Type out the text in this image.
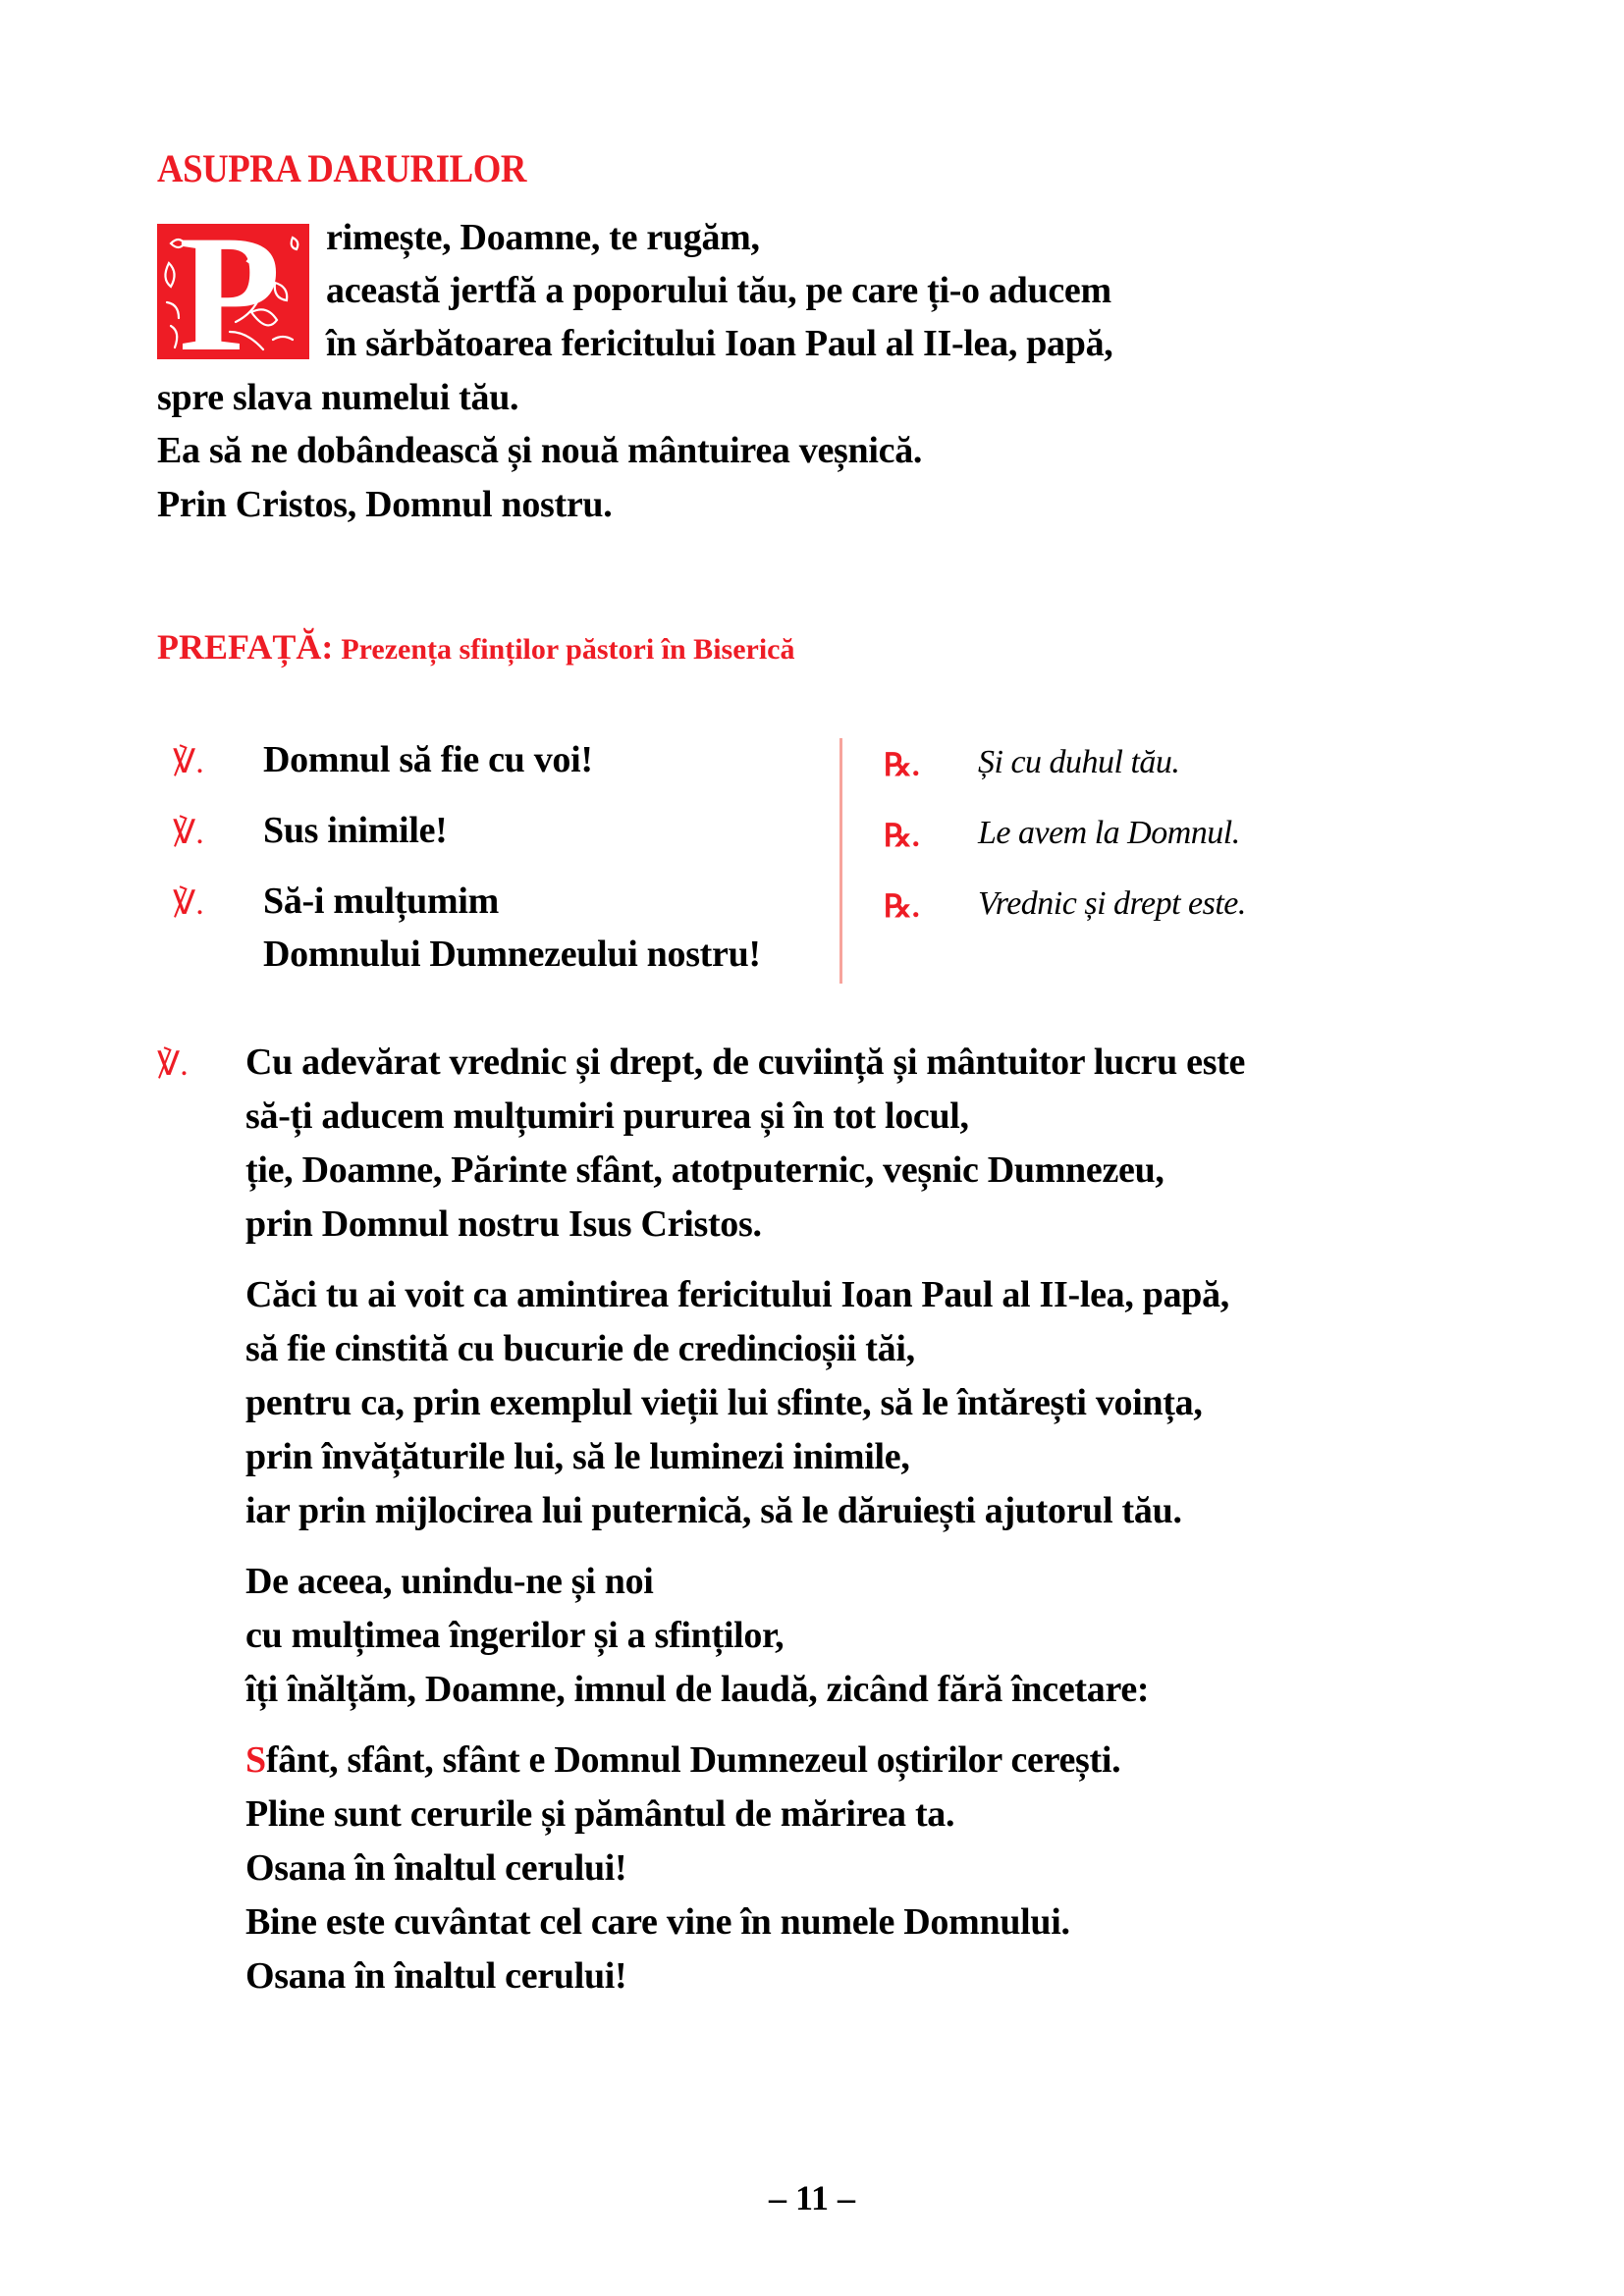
ASUPRA DARURILOR
P rimește, Doamne, te rugăm,
această jertfă a poporului tău, pe care ți-o aducem
în sărbătoarea fericitului Ioan Paul al II-lea, papă,
spre slava numelui tău.
Ea să ne dobândească și nouă mântuirea veșnică.
Prin Cristos, Domnul nostru.
PREFAȚĂ: Prezența sfinților păstori în Biserică
℣. Domnul să fie cu voi!
℣. Sus inimile!
℣. Să-i mulțumim
Domnului Dumnezeului nostru!
℞. Și cu duhul tău.
℞. Le avem la Domnul.
℞. Vrednic și drept este.
℣. Cu adevărat vrednic și drept, de cuviință și mântuitor lucru este
să-ți aducem mulțumiri pururea și în tot locul,
ție, Doamne, Părinte sfânt, atotputernic, veșnic Dumnezeu,
prin Domnul nostru Isus Cristos.
Căci tu ai voit ca amintirea fericitului Ioan Paul al II-lea, papă,
să fie cinstită cu bucurie de credincioșii tăi,
pentru ca, prin exemplul vieții lui sfinte, să le întărești voința,
prin învățăturile lui, să le luminezi inimile,
iar prin mijlocirea lui puternică, să le dăruiești ajutorul tău.
De aceea, unindu-ne și noi
cu mulțimea îngerilor și a sfinților,
îți înălțăm, Doamne, imnul de laudă, zicând fără încetare:
Sfânt, sfânt, sfânt e Domnul Dumnezeul oștirilor cerești.
Pline sunt cerurile și pământul de mărirea ta.
Osana în înaltul cerului!
Bine este cuvântat cel care vine în numele Domnului.
Osana în înaltul cerului!
– 11 –
